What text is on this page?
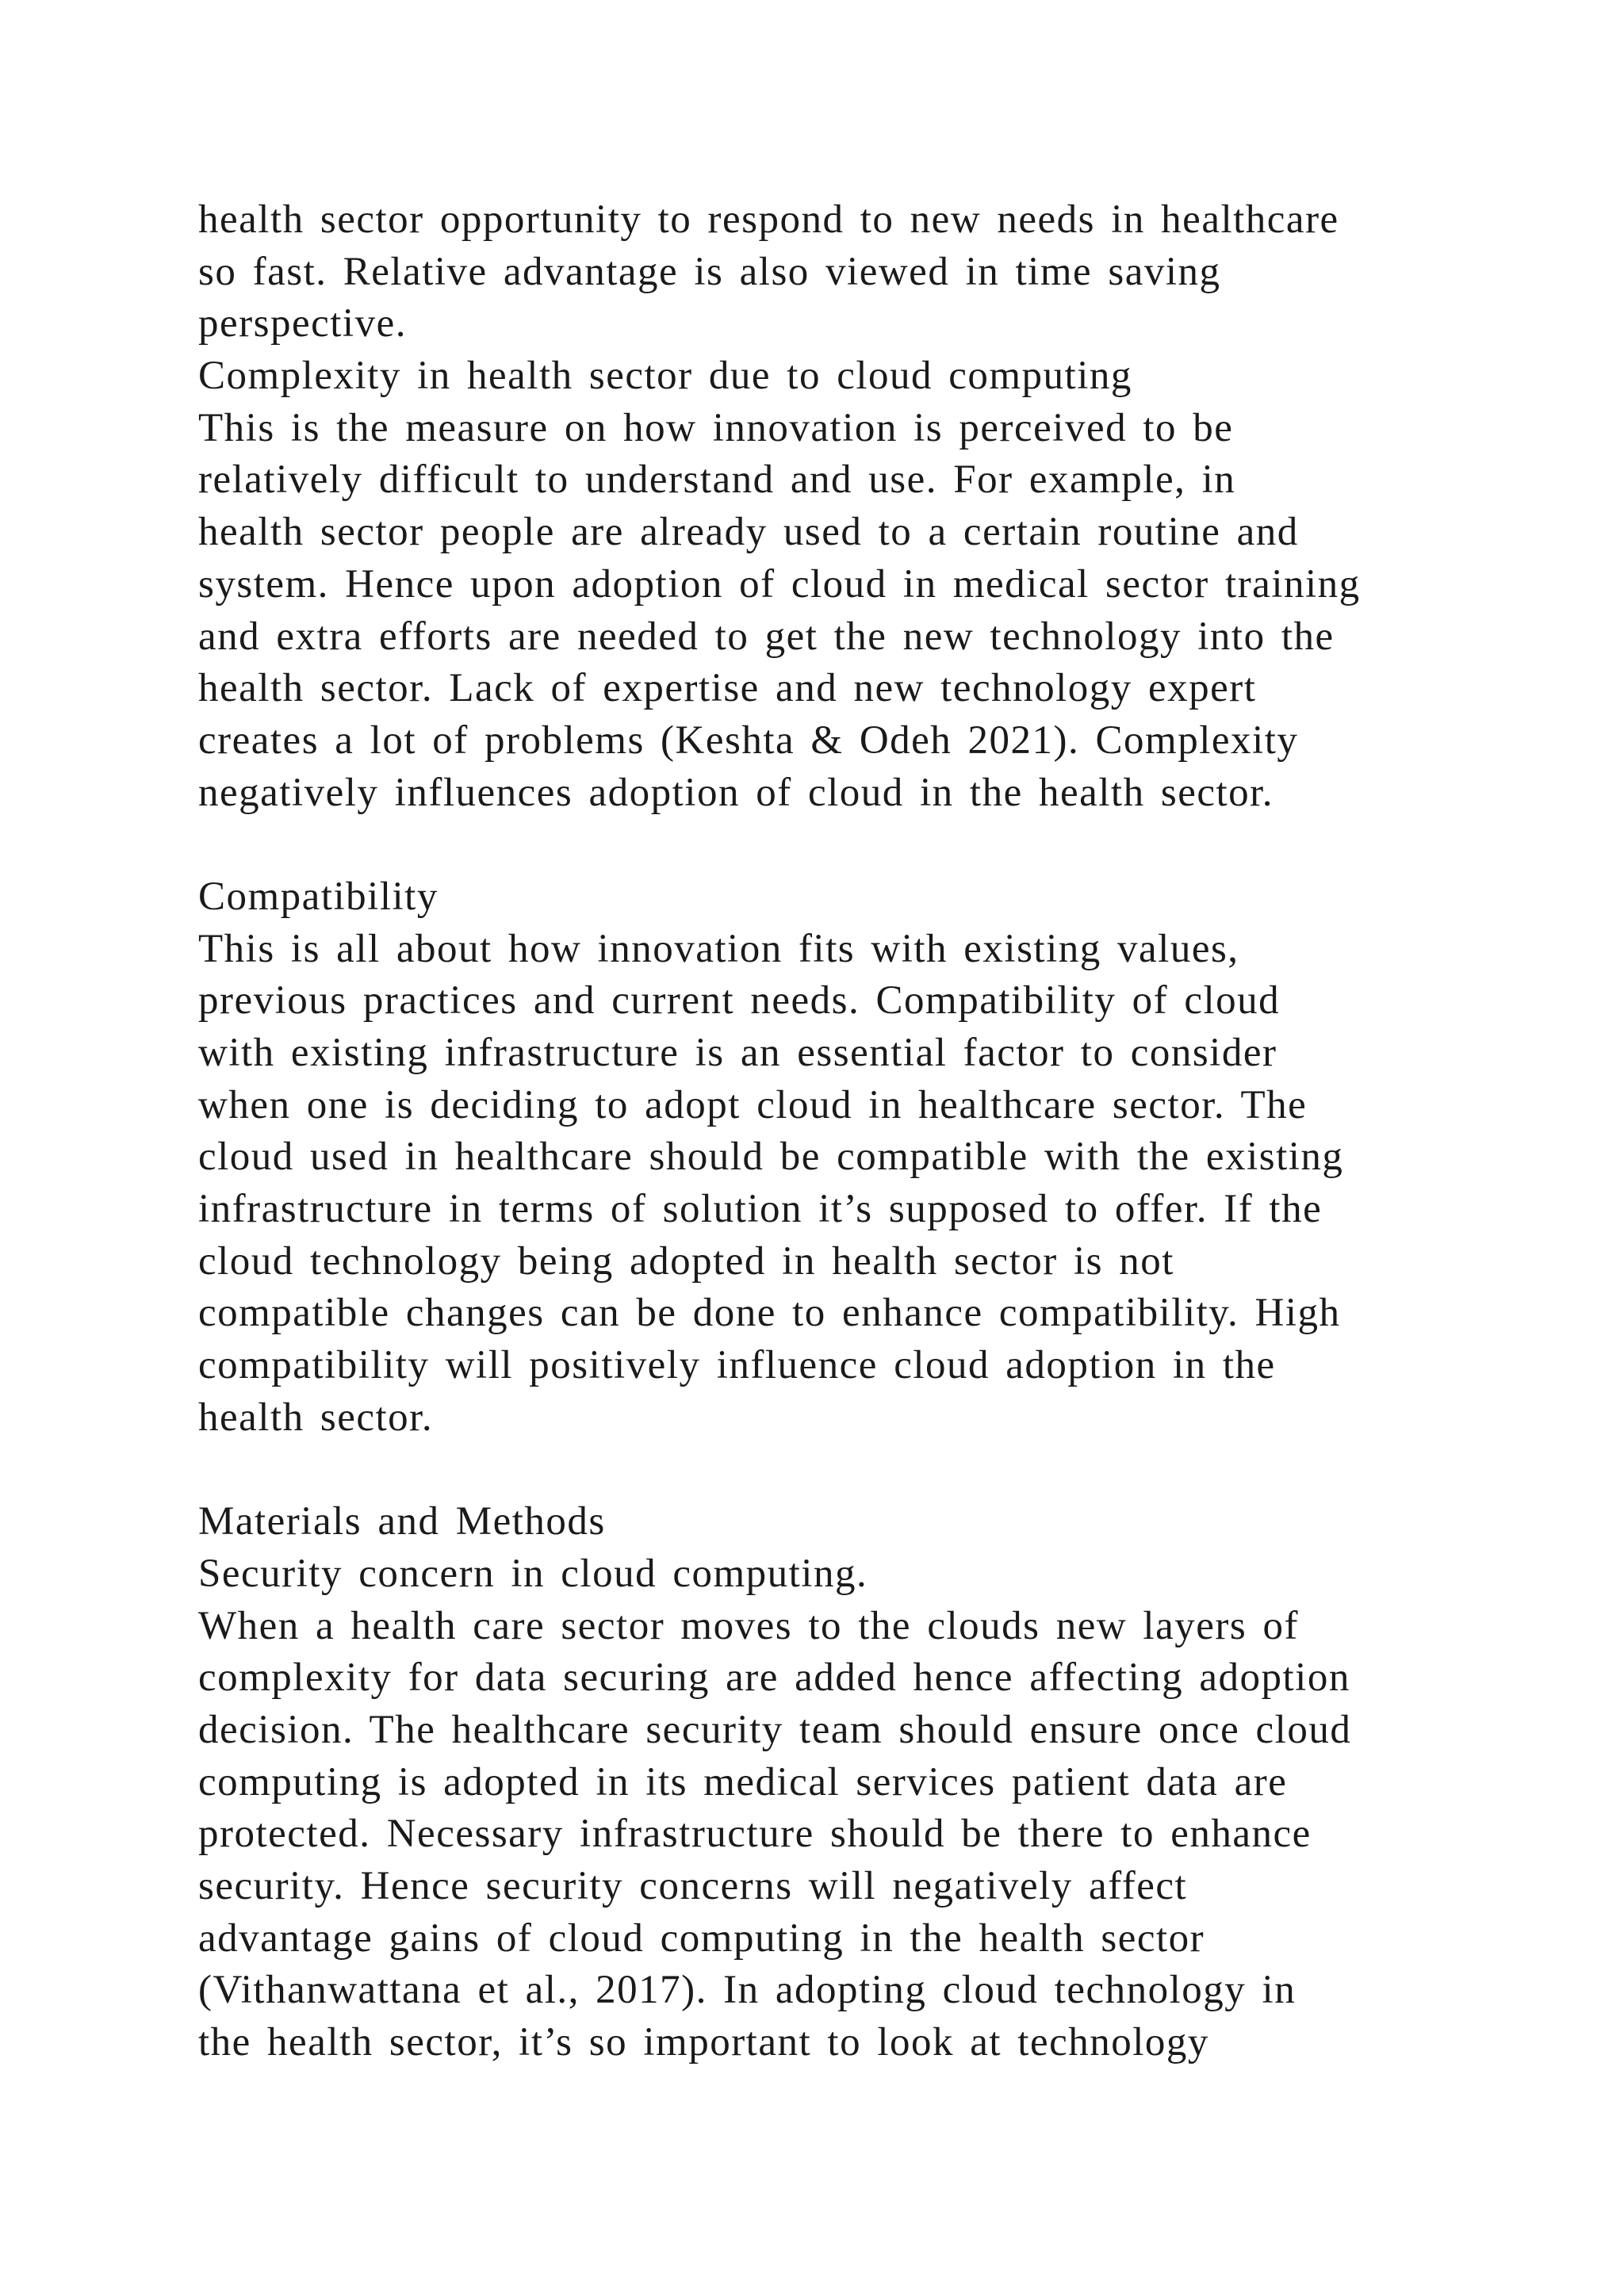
health sector opportunity to respond to new needs in healthcare
so fast. Relative advantage is also viewed in time saving
perspective.
Complexity in health sector due to cloud computing
This is the measure on how innovation is perceived to be
relatively difficult to understand and use. For example, in
health sector people are already used to a certain routine and
system. Hence upon adoption of cloud in medical sector training
and extra efforts are needed to get the new technology into the
health sector. Lack of expertise and new technology expert
creates a lot of problems (Keshta & Odeh 2021). Complexity
negatively influences adoption of cloud in the health sector.
Compatibility
This is all about how innovation fits with existing values,
previous practices and current needs. Compatibility of cloud
with existing infrastructure is an essential factor to consider
when one is deciding to adopt cloud in healthcare sector. The
cloud used in healthcare should be compatible with the existing
infrastructure in terms of solution it’s supposed to offer. If the
cloud technology being adopted in health sector is not
compatible changes can be done to enhance compatibility. High
compatibility will positively influence cloud adoption in the
health sector.
Materials and Methods
Security concern in cloud computing.
When a health care sector moves to the clouds new layers of
complexity for data securing are added hence affecting adoption
decision. The healthcare security team should ensure once cloud
computing is adopted in its medical services patient data are
protected. Necessary infrastructure should be there to enhance
security. Hence security concerns will negatively affect
advantage gains of cloud computing in the health sector
(Vithanwattana et al., 2017). In adopting cloud technology in
the health sector, it’s so important to look at technology
